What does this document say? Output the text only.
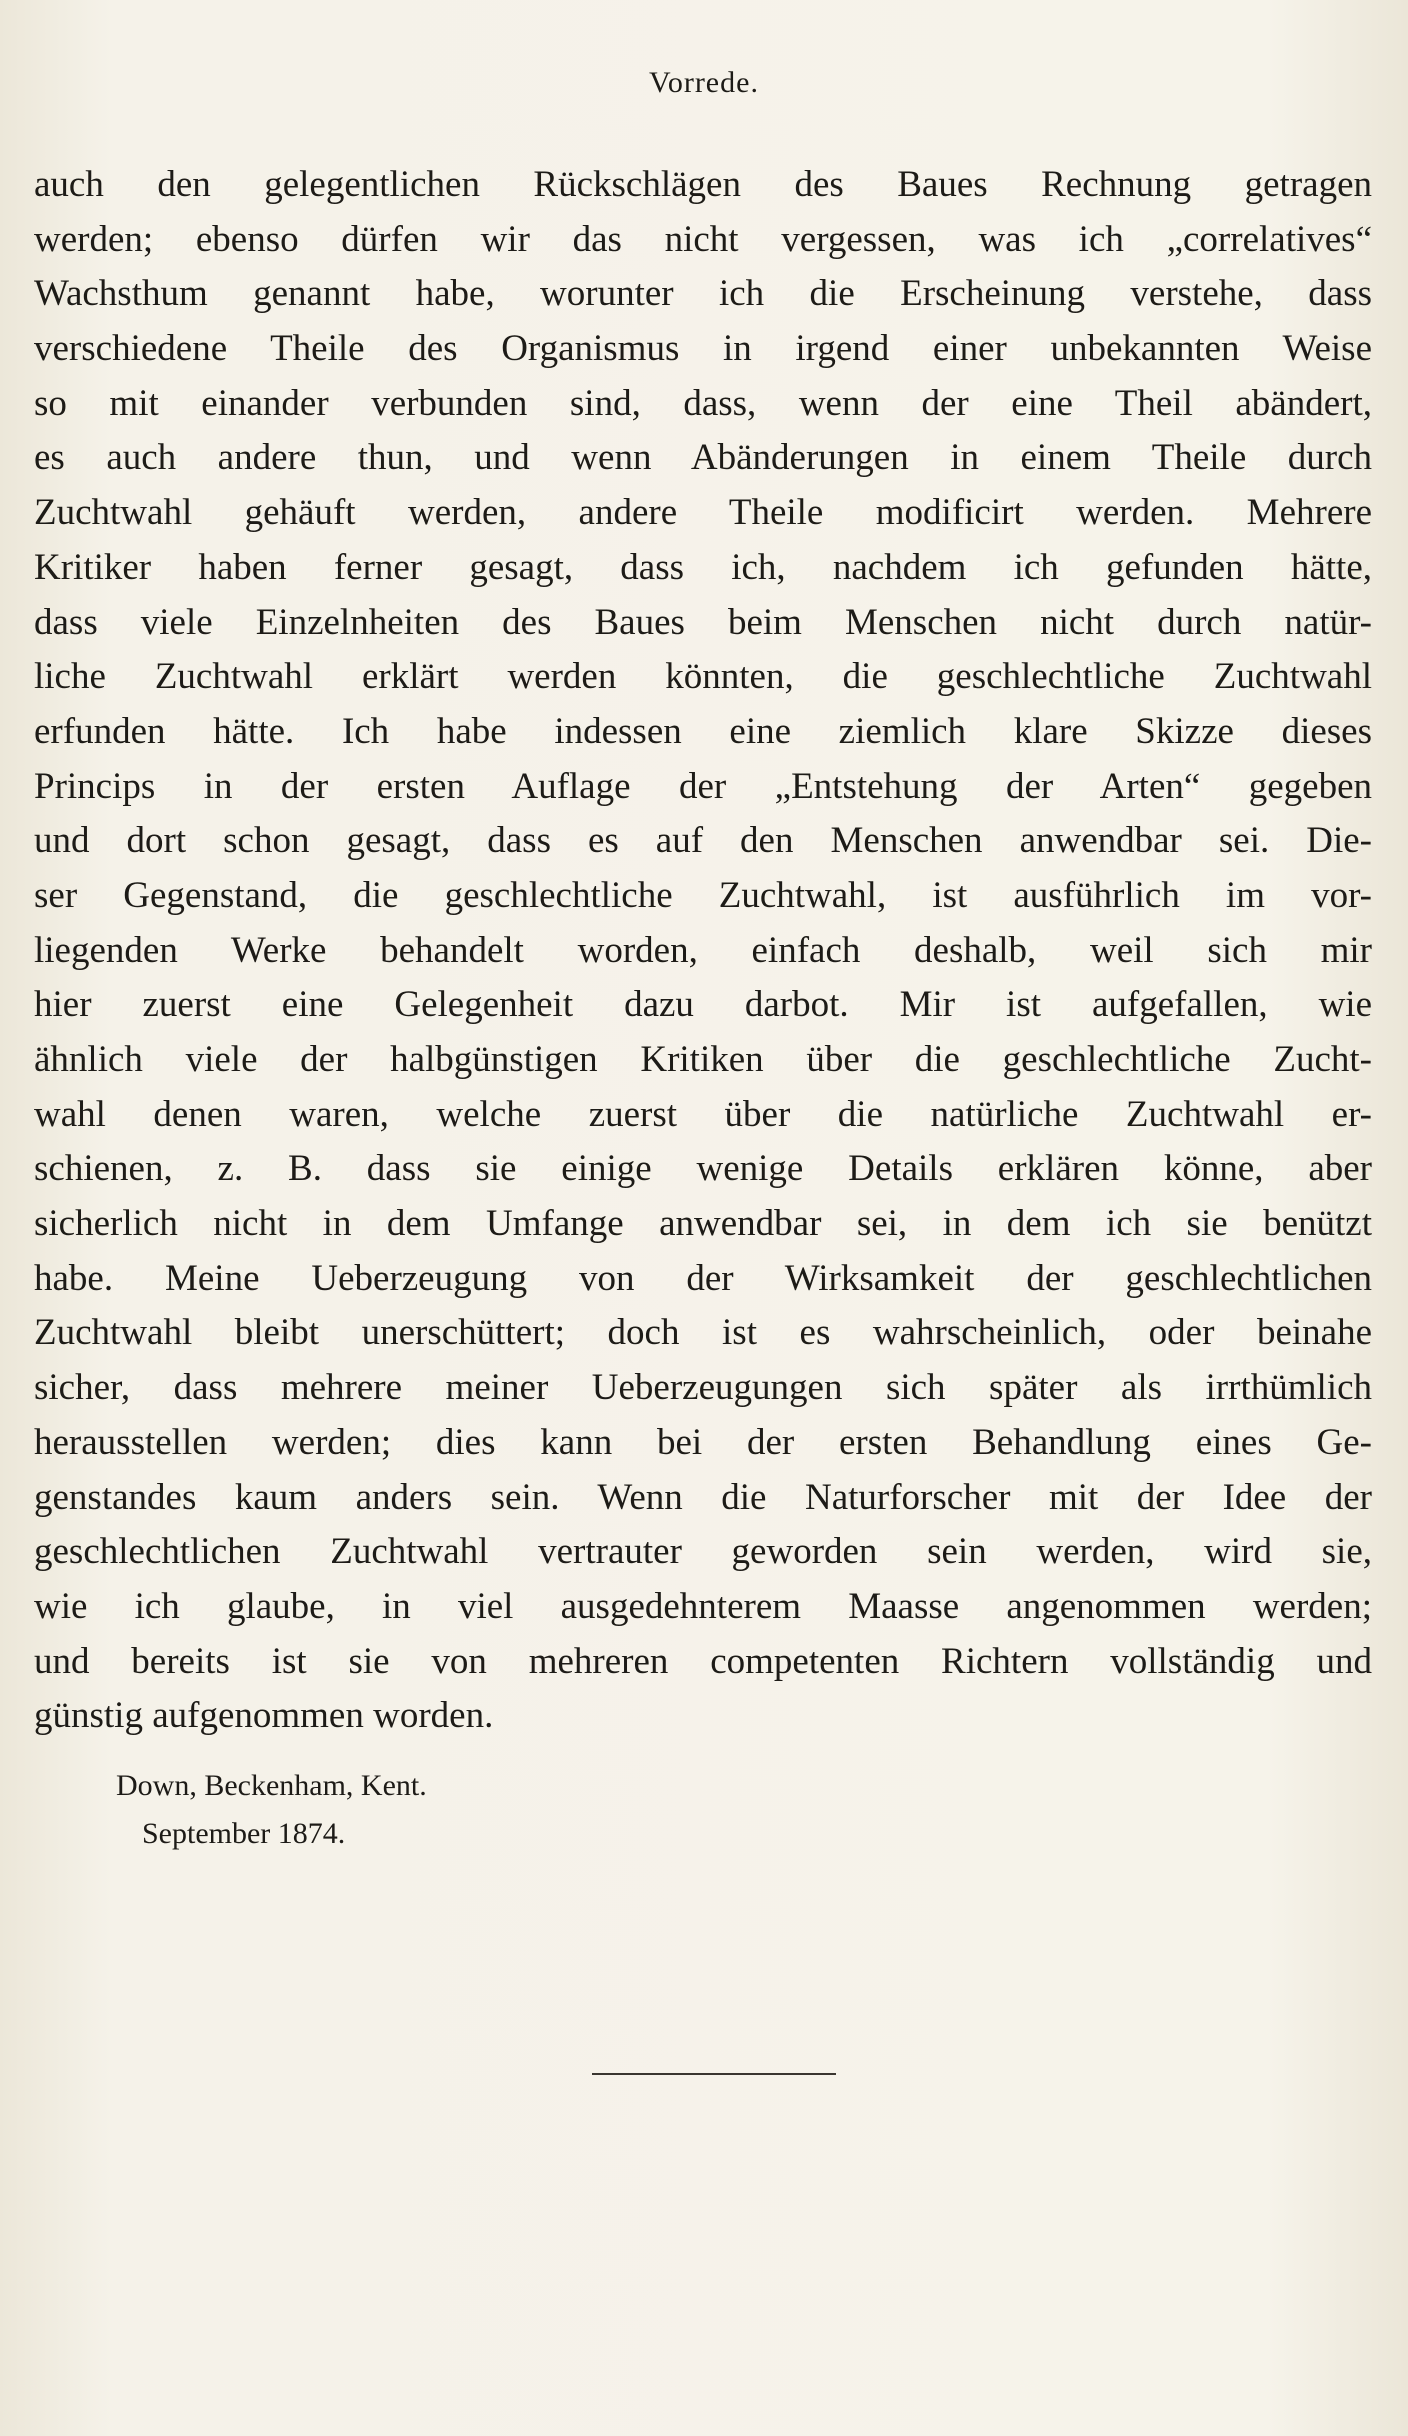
Vorrede.
auch den gelegentlichen Rückschlägen des Baues Rechnung getragen
werden; ebenso dürfen wir das nicht vergessen, was ich „correlatives“
Wachsthum genannt habe, worunter ich die Erscheinung verstehe, dass
verschiedene Theile des Organismus in irgend einer unbekannten Weise
so mit einander verbunden sind, dass, wenn der eine Theil abändert,
es auch andere thun, und wenn Abänderungen in einem Theile durch
Zuchtwahl gehäuft werden, andere Theile modificirt werden. Mehrere
Kritiker haben ferner gesagt, dass ich, nachdem ich gefunden hätte,
dass viele Einzelnheiten des Baues beim Menschen nicht durch natür-
liche Zuchtwahl erklärt werden könnten, die geschlechtliche Zuchtwahl
erfunden hätte. Ich habe indessen eine ziemlich klare Skizze dieses
Princips in der ersten Auflage der „Entstehung der Arten“ gegeben
und dort schon gesagt, dass es auf den Menschen anwendbar sei. Die-
ser Gegenstand, die geschlechtliche Zuchtwahl, ist ausführlich im vor-
liegenden Werke behandelt worden, einfach deshalb, weil sich mir
hier zuerst eine Gelegenheit dazu darbot. Mir ist aufgefallen, wie
ähnlich viele der halbgünstigen Kritiken über die geschlechtliche Zucht-
wahl denen waren, welche zuerst über die natürliche Zuchtwahl er-
schienen, z. B. dass sie einige wenige Details erklären könne, aber
sicherlich nicht in dem Umfange anwendbar sei, in dem ich sie benützt
habe. Meine Ueberzeugung von der Wirksamkeit der geschlechtlichen
Zuchtwahl bleibt unerschüttert; doch ist es wahrscheinlich, oder beinahe
sicher, dass mehrere meiner Ueberzeugungen sich später als irrthümlich
herausstellen werden; dies kann bei der ersten Behandlung eines Ge-
genstandes kaum anders sein. Wenn die Naturforscher mit der Idee der
geschlechtlichen Zuchtwahl vertrauter geworden sein werden, wird sie,
wie ich glaube, in viel ausgedehnterem Maasse angenommen werden;
und bereits ist sie von mehreren competenten Richtern vollständig und
günstig aufgenommen worden.
Down, Beckenham, Kent.
September 1874.
